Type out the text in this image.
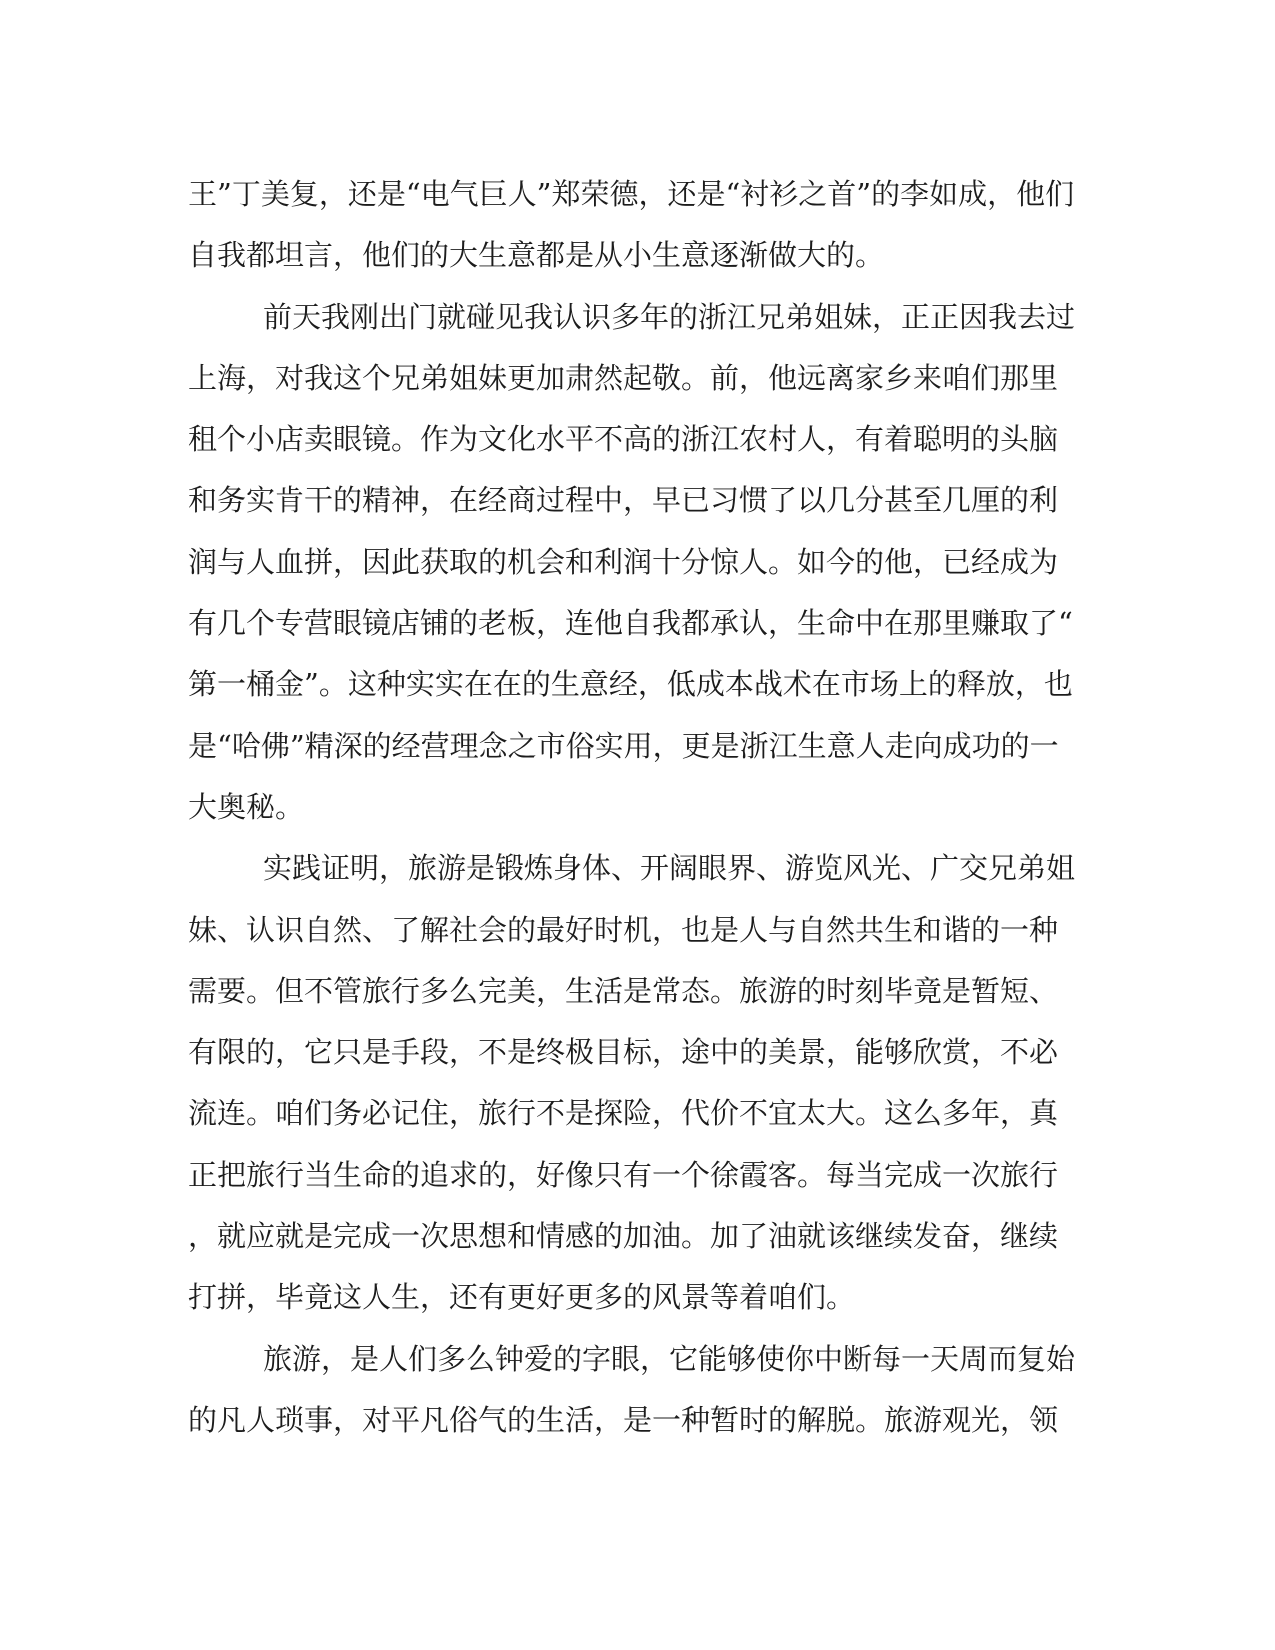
王”丁美复，还是“电气巨人”郑荣德，还是“衬衫之首”的李如成，他们
自我都坦言，他们的大生意都是从小生意逐渐做大的。
前天我刚出门就碰见我认识多年的浙江兄弟姐妹，正正因我去过
上海，对我这个兄弟姐妹更加肃然起敬。前，他远离家乡来咱们那里
租个小店卖眼镜。作为文化水平不高的浙江农村人，有着聪明的头脑
和务实肯干的精神，在经商过程中，早已习惯了以几分甚至几厘的利
润与人血拼，因此获取的机会和利润十分惊人。如今的他，已经成为
有几个专营眼镜店铺的老板，连他自我都承认，生命中在那里赚取了“
第一桶金”。这种实实在在的生意经，低成本战术在市场上的释放，也
是“哈佛”精深的经营理念之市俗实用，更是浙江生意人走向成功的一
大奥秘。
实践证明，旅游是锻炼身体、开阔眼界、游览风光、广交兄弟姐
妹、认识自然、了解社会的最好时机，也是人与自然共生和谐的一种
需要。但不管旅行多么完美，生活是常态。旅游的时刻毕竟是暂短、
有限的，它只是手段，不是终极目标，途中的美景，能够欣赏，不必
流连。咱们务必记住，旅行不是探险，代价不宜太大。这么多年，真
正把旅行当生命的追求的，好像只有一个徐霞客。每当完成一次旅行
，就应就是完成一次思想和情感的加油。加了油就该继续发奋，继续
打拼，毕竟这人生，还有更好更多的风景等着咱们。
旅游，是人们多么钟爱的字眼，它能够使你中断每一天周而复始
的凡人琐事，对平凡俗气的生活，是一种暂时的解脱。旅游观光，领
